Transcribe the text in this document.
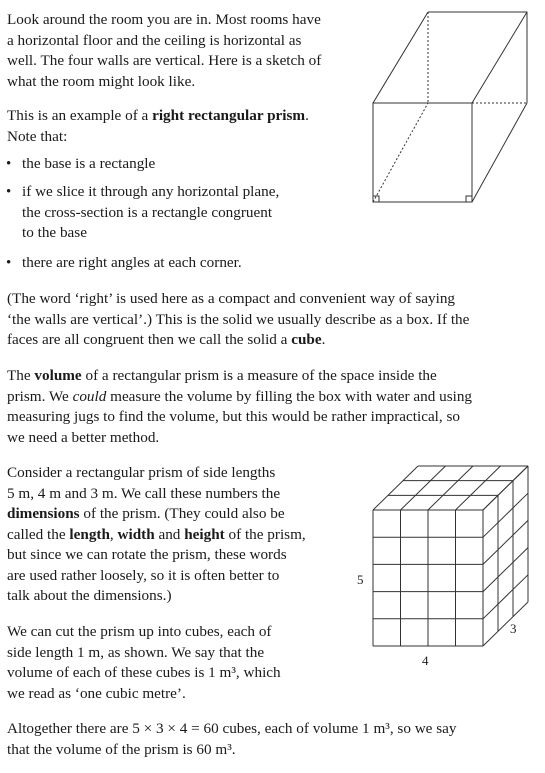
Look around the room you are in. Most rooms have

a horizontal floor and the ceiling is horizontal as

well. The four walls are vertical. Here is a sketch of

what the room might look like.

This is an example of a right rectangular prism.

Note that:

• the base is a rectangle

• if we slice it through any horizontal plane,

the cross-section is a rectangle congruent

to the base

• there are right angles at each corner.

(The word ‘right’ is used here as a compact and convenient way of saying

‘the walls are vertical’.) This is the solid we usually describe as a box. If the

faces are all congruent then we call the solid a cube.

The volume of a rectangular prism is a measure of the space inside the

prism. We could measure the volume by filling the box with water and using

measuring jugs to find the volume, but this would be rather impractical, so

we need a better method.

Consider a rectangular prism of side lengths

5 m, 4 m and 3 m. We call these numbers the

dimensions of the prism. (They could also be

called the length, width and height of the prism,

but since we can rotate the prism, these words

are used rather loosely, so it is often better to

talk about the dimensions.)

We can cut the prism up into cubes, each of

side length 1 m, as shown. We say that the

volume of each of these cubes is 1 m³, which

we read as ‘one cubic metre’.

5
4
3

Altogether there are 5 × 3 × 4 = 60 cubes, each of volume 1 m³, so we say

that the volume of the prism is 60 m³.
